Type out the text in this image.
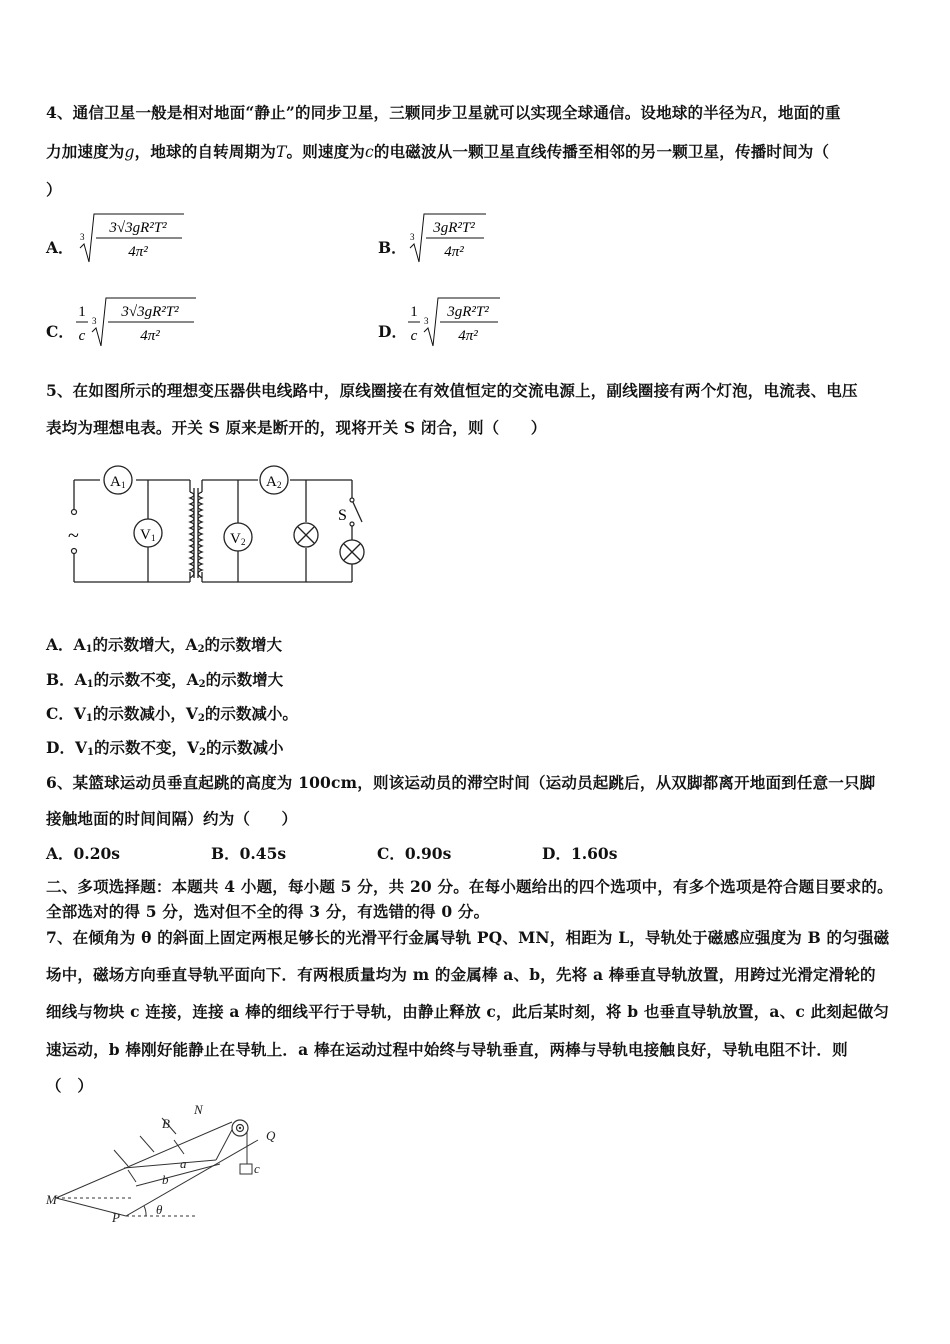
4、通信卫星一般是相对地面“静止”的同步卫星，三颗同步卫星就可以实现全球通信。设地球的半径为R，地面的重
力加速度为g，地球的自转周期为T。则速度为c的电磁波从一颗卫星直线传播至相邻的另一颗卫星，传播时间为（
）
A．
3
3√3gR²T²
4π²	B．
3
3gR²T²
4π²
C．
1
c
3
3√3gR²T²
4π²	D．
1
c
3
3gR²T²
4π²
5、在如图所示的理想变压器供电线路中，原线圈接在有效值恒定的交流电源上，副线圈接有两个灯泡，电流表、电压
表均为理想电表。开关 S 原来是断开的，现将开关 S 闭合，则（　　）
~
A 1
V 1
A 2
V 2
S
A．$A_1$的示数增大，$A_2$的示数增大
B．$A_1$的示数不变，$A_2$的示数增大
C．$V_1$的示数减小，$V_2$的示数减小。
D．$V_1$的示数不变，$V_2$的示数减小
6、某篮球运动员垂直起跳的高度为 100cm，则该运动员的滞空时间（运动员起跳后，从双脚都离开地面到任意一只脚
接触地面的时间间隔）约为（　　）
A．0.20s	B．0.45s	C．0.90s	D．1.60s
二、多项选择题：本题共 4 小题，每小题 5 分，共 20 分。在每小题给出的四个选项中，有多个选项是符合题目要求的。
全部选对的得 5 分，选对但不全的得 3 分，有选错的得 0 分。
7、在倾角为 θ 的斜面上固定两根足够长的光滑平行金属导轨 PQ、MN，相距为 L，导轨处于磁感应强度为 B 的匀强磁
场中，磁场方向垂直导轨平面向下．有两根质量均为 m 的金属棒 a、b，先将 a 棒垂直导轨放置，用跨过光滑定滑轮的
细线与物块 c 连接，连接 a 棒的细线平行于导轨，由静止释放 c，此后某时刻，将 b 也垂直导轨放置，a、c 此刻起做匀
速运动，b 棒刚好能静止在导轨上．a 棒在运动过程中始终与导轨垂直，两棒与导轨电接触良好，导轨电阻不计．则
（　）
N
B
Q
a
b
c
M
P
θ
